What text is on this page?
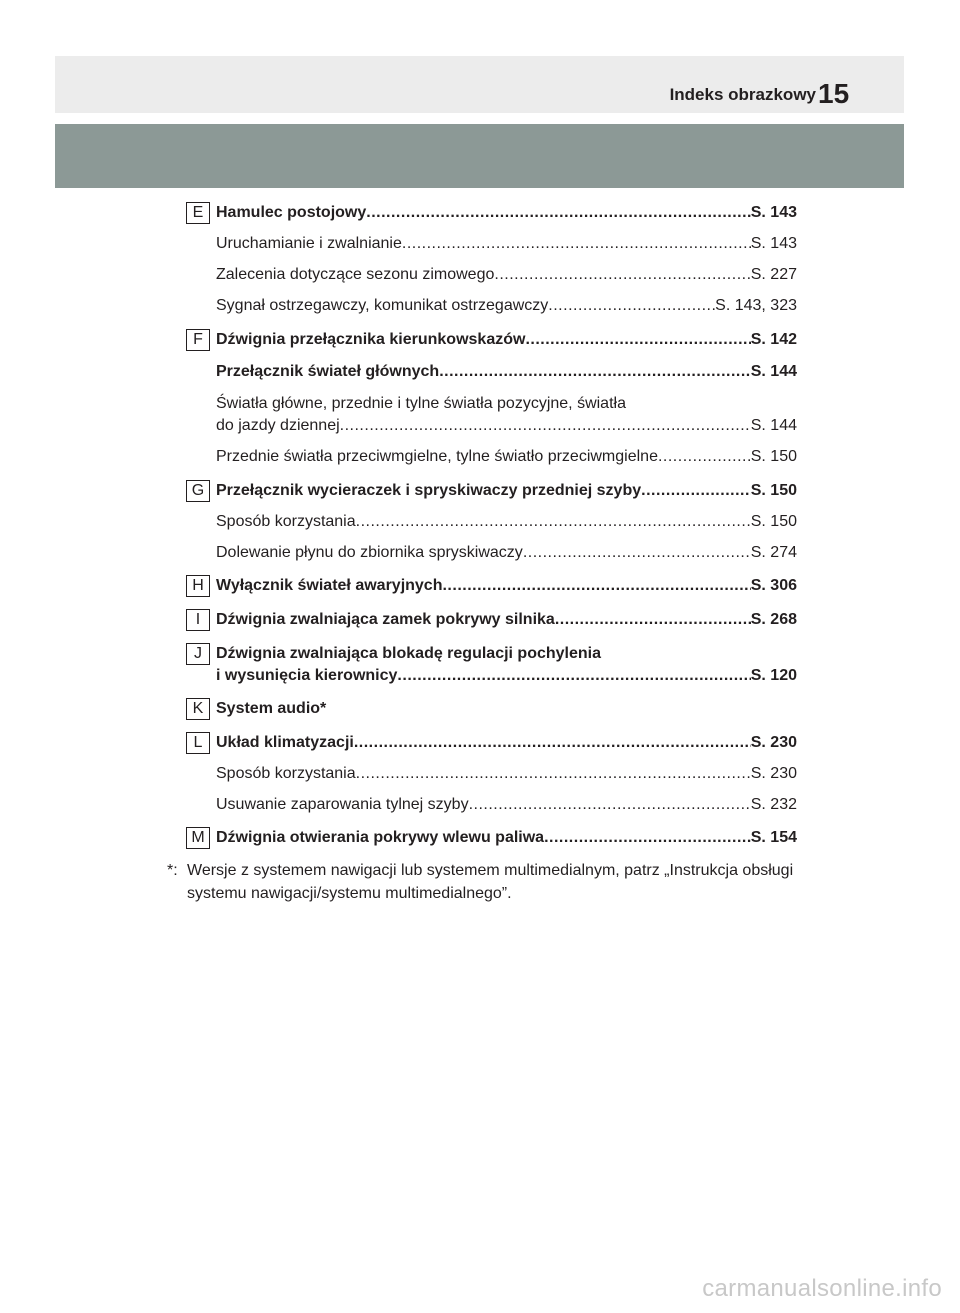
Indeks obrazkowy 15
E Hamulec postojowy .....	S. 143
Uruchamianie i zwalnianie .....	S. 143
Zalecenia dotyczące sezonu zimowego .....	S. 227
Sygnał ostrzegawczy, komunikat ostrzegawczy .....	S. 143, 323
F Dźwignia przełącznika kierunkowskazów .....	S. 142
Przełącznik świateł głównych .....	S. 144
Światła główne, przednie i tylne światła pozycyjne, światła
do jazdy dziennej .....	S. 144
Przednie światła przeciwmgielne, tylne światło przeciwmgielne .....	S. 150
G Przełącznik wycieraczek i spryskiwaczy przedniej szyby .....	S. 150
Sposób korzystania .....	S. 150
Dolewanie płynu do zbiornika spryskiwaczy .....	S. 274
H Wyłącznik świateł awaryjnych .....	S. 306
I Dźwignia zwalniająca zamek pokrywy silnika .....	S. 268
J Dźwignia zwalniająca blokadę regulacji pochylenia
i wysunięcia kierownicy .....	S. 120
K System audio*
L Układ klimatyzacji .....	S. 230
Sposób korzystania .....	S. 230
Usuwanie zaparowania tylnej szyby .....	S. 232
M Dźwignia otwierania pokrywy wlewu paliwa .....	S. 154
*: Wersje z systemem nawigacji lub systemem multimedialnym, patrz „Instrukcja obsługi systemu nawigacji/systemu multimedialnego”.
carmanualsonline.info
